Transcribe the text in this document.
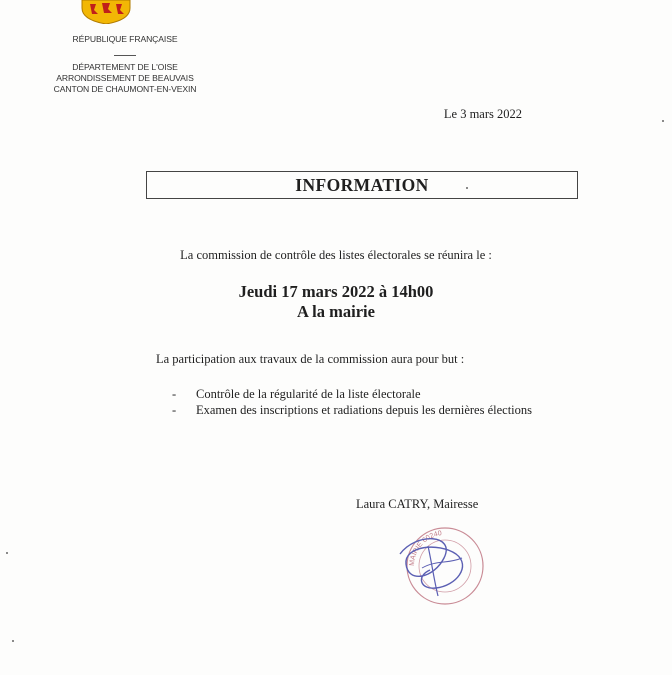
RÉPUBLIQUE FRANÇAISE
DÉPARTEMENT DE L'OISE
ARRONDISSEMENT DE BEAUVAIS
CANTON DE CHAUMONT-EN-VEXIN
Le 3 mars 2022
INFORMATION
La commission de contrôle des listes électorales se réunira le :
Jeudi 17 mars 2022 à 14h00
A la mairie
La participation aux travaux de la commission aura pour but :
-	Contrôle de la régularité de la liste électorale
-	Examen des inscriptions et radiations depuis les dernières élections
Laura CATRY, Mairesse
MAIRIE 60240
